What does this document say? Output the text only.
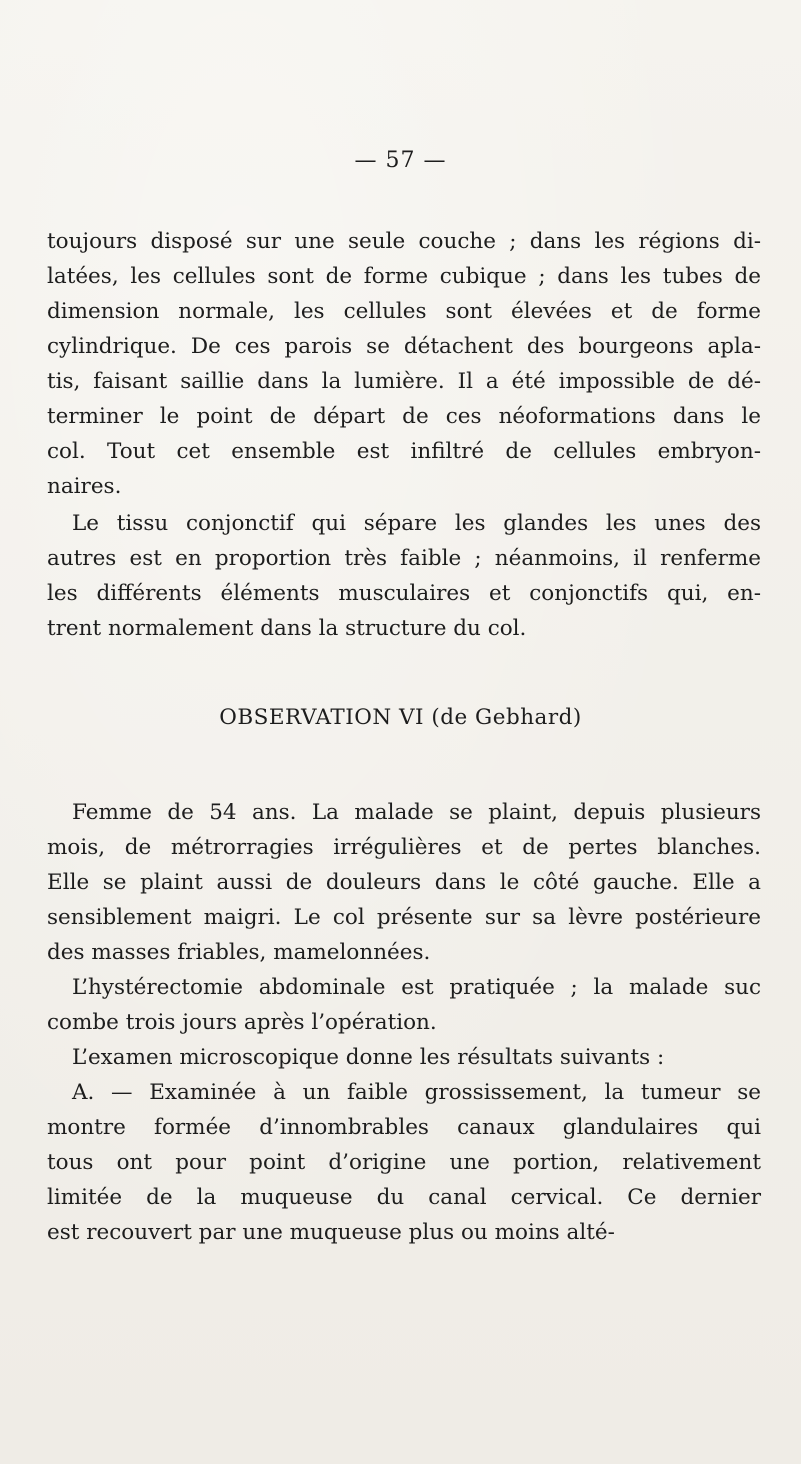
— 57 —
toujours disposé sur une seule couche ; dans les régions di-
latées, les cellules sont de forme cubique ; dans les tubes de
dimension normale, les cellules sont élevées et de forme
cylindrique. De ces parois se détachent des bourgeons apla-
tis, faisant saillie dans la lumière. Il a été impossible de dé-
terminer le point de départ de ces néoformations dans le
col. Tout cet ensemble est infiltré de cellules embryon-
naires.
Le tissu conjonctif qui sépare les glandes les unes des
autres est en proportion très faible ; néanmoins, il renferme
les différents éléments musculaires et conjonctifs qui, en-
trent normalement dans la structure du col.
OBSERVATION VI (de Gebhard)
Femme de 54 ans. La malade se plaint, depuis plusieurs
mois, de métrorragies irrégulières et de pertes blanches.
Elle se plaint aussi de douleurs dans le côté gauche. Elle a
sensiblement maigri. Le col présente sur sa lèvre postérieure
des masses friables, mamelonnées.
L’hystérectomie abdominale est pratiquée ; la malade suc
combe trois jours après l’opération.
L’examen microscopique donne les résultats suivants :
A. — Examinée à un faible grossissement, la tumeur se
montre formée d’innombrables canaux glandulaires qui
tous ont pour point d’origine une portion, relativement
limitée de la muqueuse du canal cervical. Ce dernier
est recouvert par une muqueuse plus ou moins alté-
